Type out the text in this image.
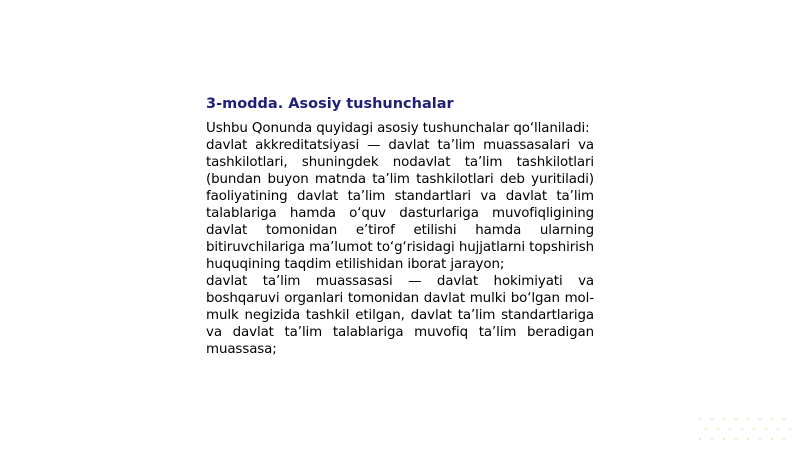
3-modda. Asosiy tushunchalar

Ushbu Qonunda quyidagi asosiy tushunchalar qo‘llaniladi:

davlat akkreditatsiyasi — davlat ta’lim muassasalari va tashkilotlari, shuningdek nodavlat ta’lim tashkilotlari (bundan buyon matnda ta’lim tashkilotlari deb yuritiladi) faoliyatining davlat ta’lim standartlari va davlat ta’lim talablariga hamda o‘quv dasturlariga muvofiqligining davlat tomonidan e’tirof etilishi hamda ularning bitiruvchilariga ma’lumot to‘g‘risidagi hujjatlarni topshirish huquqining taqdim etilishidan iborat jarayon;

davlat ta’lim muassasasi — davlat hokimiyati va boshqaruvi organlari tomonidan davlat mulki bo‘lgan mol-mulk negizida tashkil etilgan, davlat ta’lim standartlariga va davlat ta’lim talablariga muvofiq ta’lim beradigan muassasa;
